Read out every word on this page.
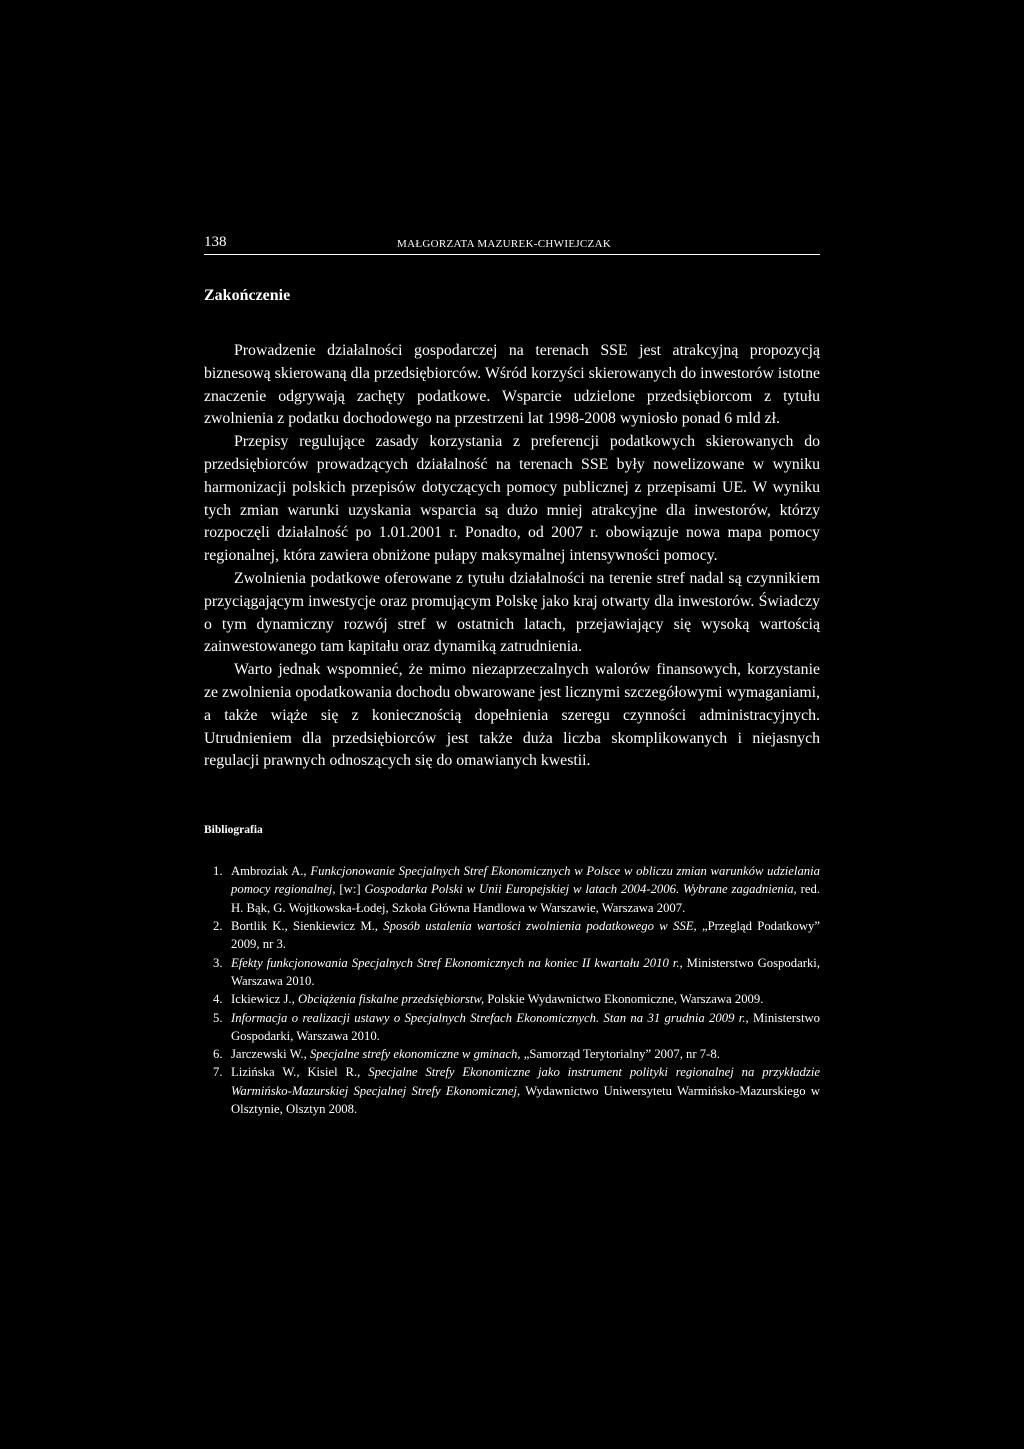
138	MAŁGORZATA MAZUREK-CHWIEJCZAK
Zakończenie

Prowadzenie działalności gospodarczej na terenach SSE jest atrakcyjną propozycją biznesową skierowaną dla przedsiębiorców. Wśród korzyści skierowanych do inwestorów istotne znaczenie odgrywają zachęty podatkowe. Wsparcie udzielone przedsiębiorcom z tytułu zwolnienia z podatku dochodowego na przestrzeni lat 1998-2008 wyniosło ponad 6 mld zł.

Przepisy regulujące zasady korzystania z preferencji podatkowych skierowanych do przedsiębiorców prowadzących działalność na terenach SSE były nowelizowane w wyniku harmonizacji polskich przepisów dotyczących pomocy publicznej z przepisami UE. W wyniku tych zmian warunki uzyskania wsparcia są dużo mniej atrakcyjne dla inwestorów, którzy rozpoczęli działalność po 1.01.2001 r. Ponadto, od 2007 r. obowiązuje nowa mapa pomocy regionalnej, która zawiera obniżone pułapy maksymalnej intensywności pomocy.

Zwolnienia podatkowe oferowane z tytułu działalności na terenie stref nadal są czynnikiem przyciągającym inwestycje oraz promującym Polskę jako kraj otwarty dla inwestorów. Świadczy o tym dynamiczny rozwój stref w ostatnich latach, przejawiający się wysoką wartością zainwestowanego tam kapitału oraz dynamiką zatrudnienia.

Warto jednak wspomnieć, że mimo niezaprzeczalnych walorów finansowych, korzystanie ze zwolnienia opodatkowania dochodu obwarowane jest licznymi szczegółowymi wymaganiami, a także wiąże się z koniecznością dopełnienia szeregu czynności administracyjnych. Utrudnieniem dla przedsiębiorców jest także duża liczba skomplikowanych i niejasnych regulacji prawnych odnoszących się do omawianych kwestii.

Bibliografia
1. Ambroziak A., Funkcjonowanie Specjalnych Stref Ekonomicznych w Polsce w obliczu zmian warunków udzielania pomocy regionalnej, [w:] Gospodarka Polski w Unii Europejskiej w latach 2004-2006. Wybrane zagadnienia, red. H. Bąk, G. Wojtkowska-Łodej, Szkoła Główna Handlowa w Warszawie, Warszawa 2007.
2. Bortlik K., Sienkiewicz M., Sposób ustalenia wartości zwolnienia podatkowego w SSE, „Przegląd Podatkowy” 2009, nr 3.
3. Efekty funkcjonowania Specjalnych Stref Ekonomicznych na koniec II kwartału 2010 r., Ministerstwo Gospodarki, Warszawa 2010.
4. Ickiewicz J., Obciążenia fiskalne przedsiębiorstw, Polskie Wydawnictwo Ekonomiczne, Warszawa 2009.
5. Informacja o realizacji ustawy o Specjalnych Strefach Ekonomicznych. Stan na 31 grudnia 2009 r., Ministerstwo Gospodarki, Warszawa 2010.
6. Jarczewski W., Specjalne strefy ekonomiczne w gminach, „Samorząd Terytorialny” 2007, nr 7-8.
7. Lizińska W., Kisiel R., Specjalne Strefy Ekonomiczne jako instrument polityki regionalnej na przykładzie Warmińsko-Mazurskiej Specjalnej Strefy Ekonomicznej, Wydawnictwo Uniwersytetu Warmińsko-Mazurskiego w Olsztynie, Olsztyn 2008.
